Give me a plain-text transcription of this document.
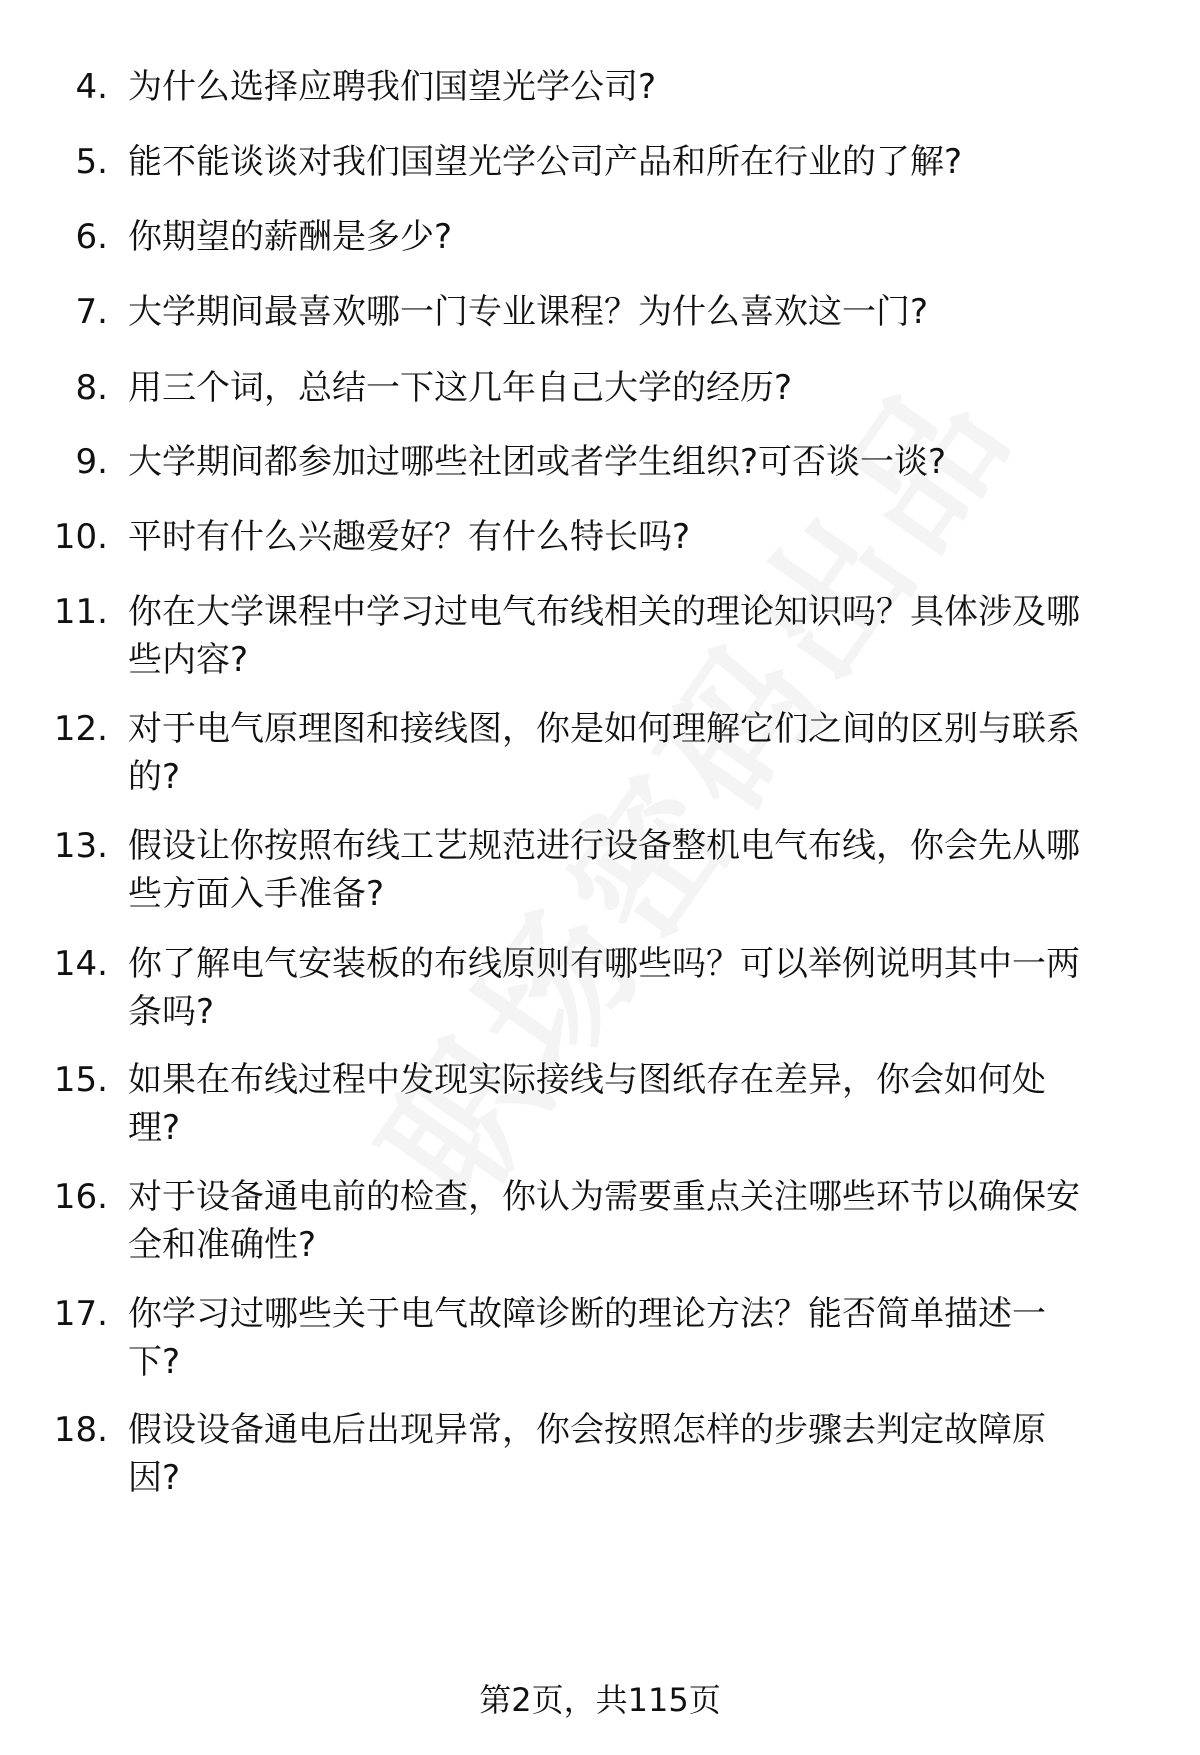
4. 为什么选择应聘我们国望光学公司?
5. 能不能谈谈对我们国望光学公司产品和所在行业的了解?
6. 你期望的薪酬是多少?
7. 大学期间最喜欢哪一门专业课程？为什么喜欢这一门?
8. 用三个词，总结一下这几年自己大学的经历?
9. 大学期间都参加过哪些社团或者学生组织?可否谈一谈?
10. 平时有什么兴趣爱好？有什么特长吗?
11. 你在大学课程中学习过电气布线相关的理论知识吗？具体涉及哪
些内容?
12. 对于电气原理图和接线图，你是如何理解它们之间的区别与联系
的?
13. 假设让你按照布线工艺规范进行设备整机电气布线，你会先从哪
些方面入手准备?
14. 你了解电气安装板的布线原则有哪些吗？可以举例说明其中一两
条吗?
15. 如果在布线过程中发现实际接线与图纸存在差异，你会如何处
理?
16. 对于设备通电前的检查，你认为需要重点关注哪些环节以确保安
全和准确性?
17. 你学习过哪些关于电气故障诊断的理论方法？能否简单描述一
下?
18. 假设设备通电后出现异常，你会按照怎样的步骤去判定故障原
因?
第2页，共115页
